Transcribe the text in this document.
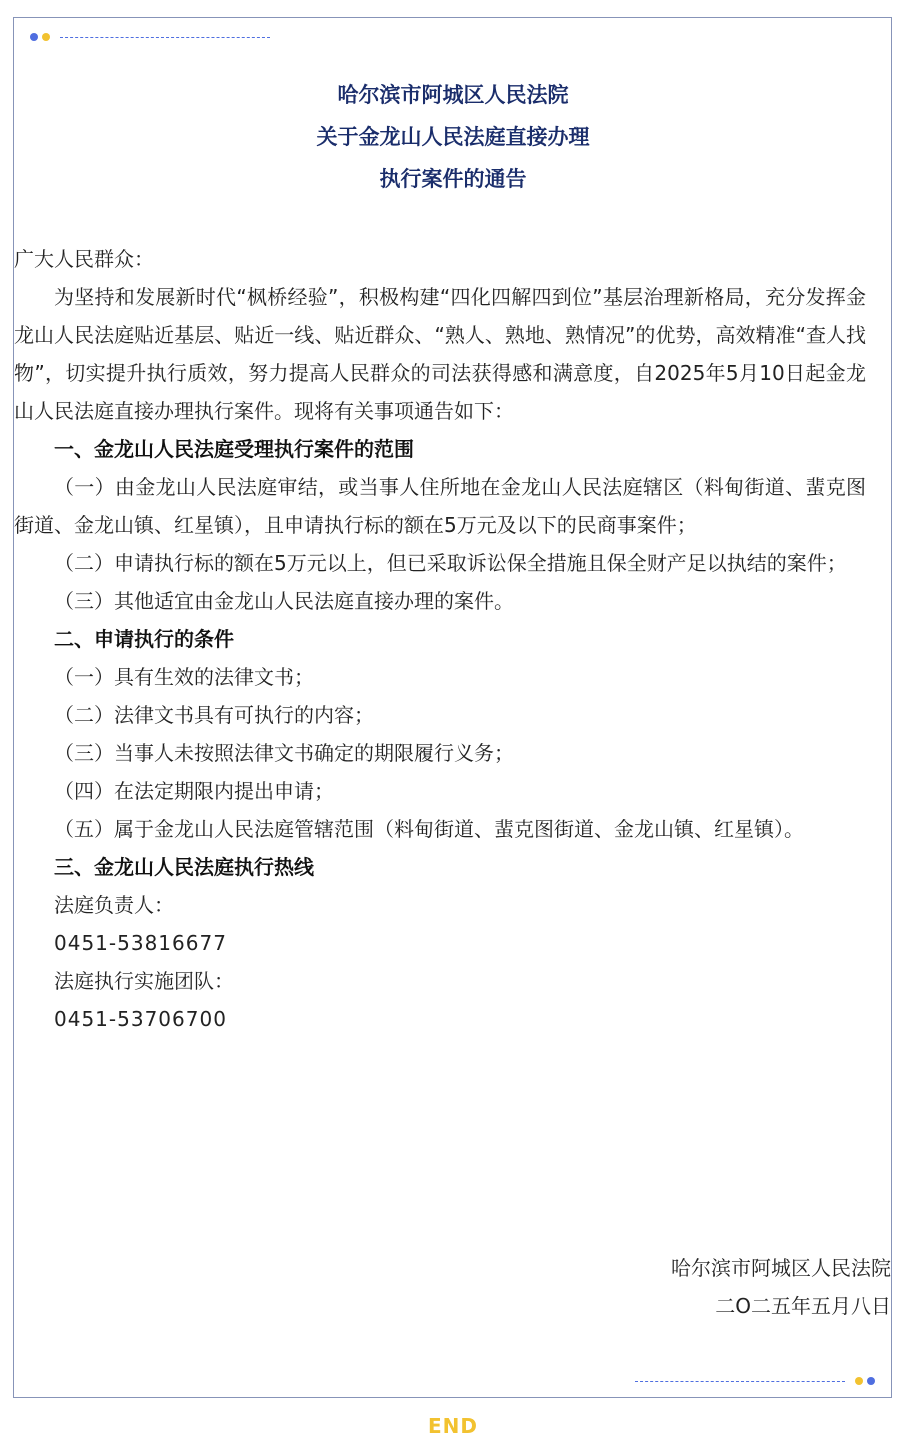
哈尔滨市阿城区人民法院
关于金龙山人民法庭直接办理
执行案件的通告

广大人民群众：

为坚持和发展新时代“枫桥经验”，积极构建“四化四解四到位”基层治理新格局，充分发挥金龙山人民法庭贴近基层、贴近一线、贴近群众、“熟人、熟地、熟情况”的优势，高效精准“查人找物”，切实提升执行质效，努力提高人民群众的司法获得感和满意度，自2025年5月10日起金龙山人民法庭直接办理执行案件。现将有关事项通告如下：

一、金龙山人民法庭受理执行案件的范围

（一）由金龙山人民法庭审结，或当事人住所地在金龙山人民法庭辖区（料甸街道、蜚克图街道、金龙山镇、红星镇），且申请执行标的额在5万元及以下的民商事案件；

（二）申请执行标的额在5万元以上，但已采取诉讼保全措施且保全财产足以执结的案件；

（三）其他适宜由金龙山人民法庭直接办理的案件。

二、申请执行的条件

（一）具有生效的法律文书；

（二）法律文书具有可执行的内容；

（三）当事人未按照法律文书确定的期限履行义务；

（四）在法定期限内提出申请；

（五）属于金龙山人民法庭管辖范围（料甸街道、蜚克图街道、金龙山镇、红星镇）。

三、金龙山人民法庭执行热线

法庭负责人：

0451-53816677

法庭执行实施团队：

0451-53706700

哈尔滨市阿城区人民法院
二O二五年五月八日
END
